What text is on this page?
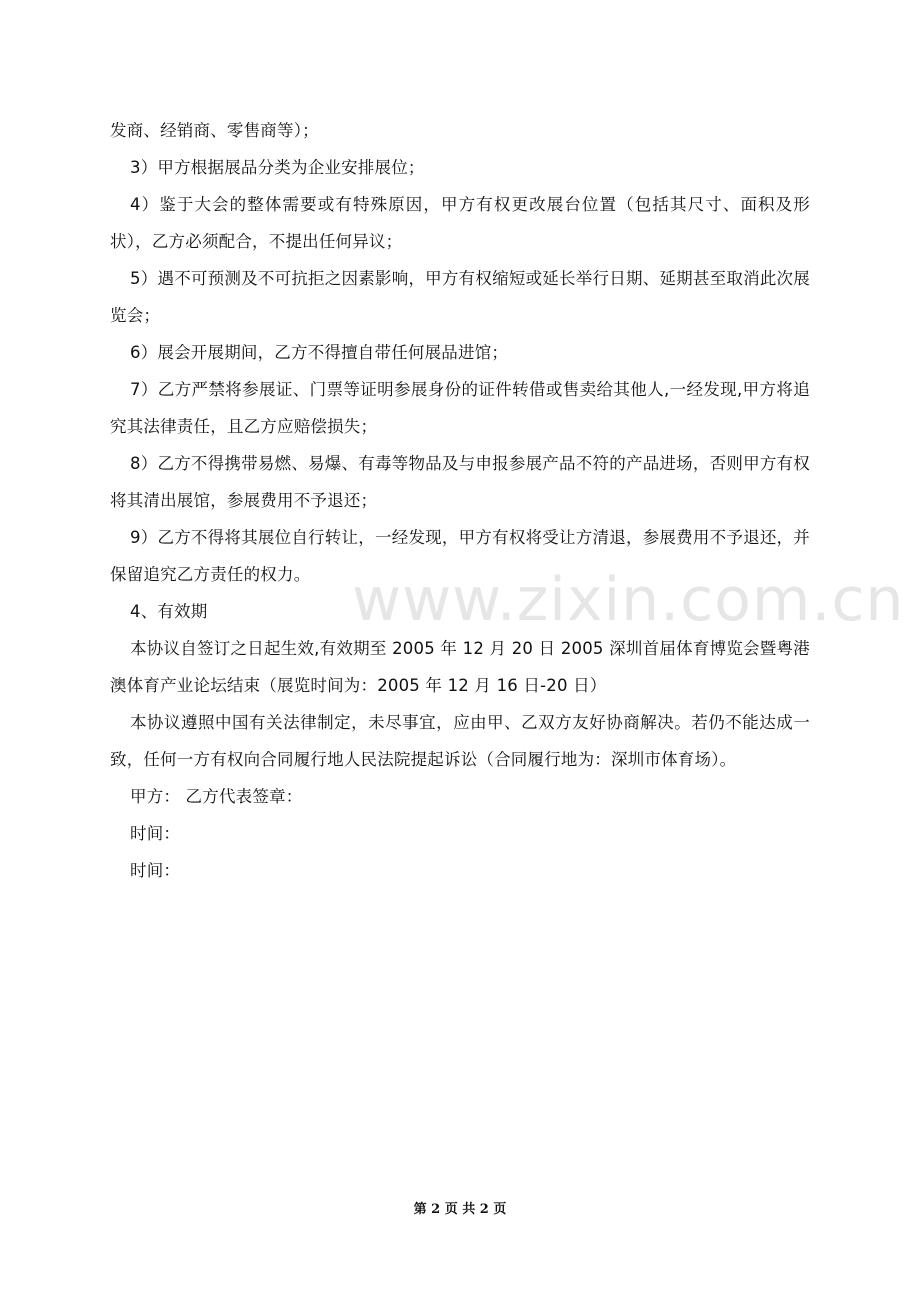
发商、经销商、零售商等）；

3）甲方根据展品分类为企业安排展位；

4）鉴于大会的整体需要或有特殊原因，甲方有权更改展台位置（包括其尺寸、面积及形状），乙方必须配合，不提出任何异议；

5）遇不可预测及不可抗拒之因素影响，甲方有权缩短或延长举行日期、延期甚至取消此次展览会；

6）展会开展期间，乙方不得擅自带任何展品进馆；

7）乙方严禁将参展证、门票等证明参展身份的证件转借或售卖给其他人,一经发现,甲方将追究其法律责任，且乙方应赔偿损失；

8）乙方不得携带易燃、易爆、有毒等物品及与申报参展产品不符的产品进场，否则甲方有权将其清出展馆，参展费用不予退还；

9）乙方不得将其展位自行转让，一经发现，甲方有权将受让方清退，参展费用不予退还，并保留追究乙方责任的权力。

4、有效期

本协议自签订之日起生效,有效期至 2005 年 12 月 20 日 2005 深圳首届体育博览会暨粤港澳体育产业论坛结束（展览时间为：2005 年 12 月 16 日-20 日）

本协议遵照中国有关法律制定，未尽事宜，应由甲、乙双方友好协商解决。若仍不能达成一致，任何一方有权向合同履行地人民法院提起诉讼（合同履行地为：深圳市体育场）。

甲方： 乙方代表签章：

时间：

时间：

www.zixin.com.cn
第 2 页 共 2 页
